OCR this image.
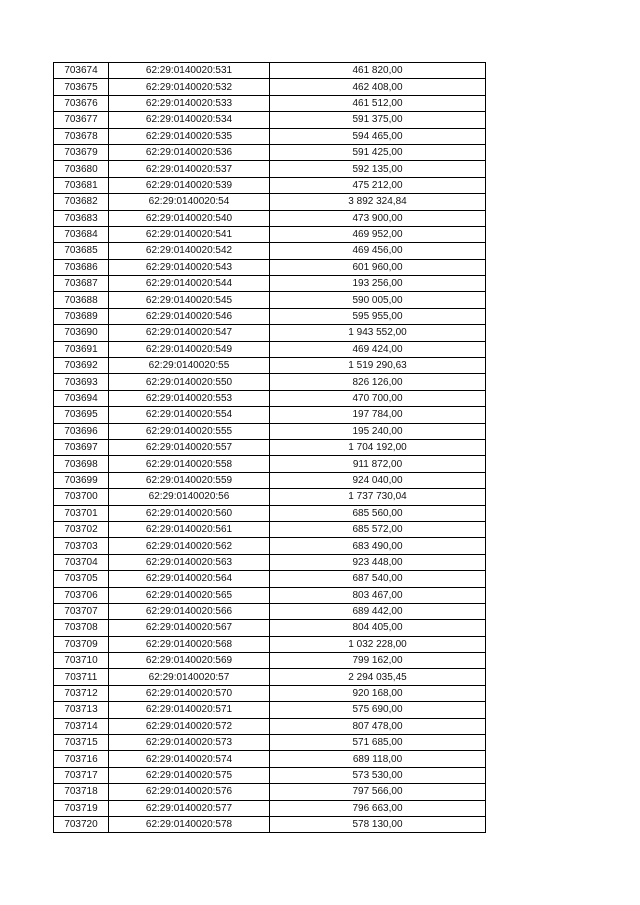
703674	62:29:0140020:531	461 820,00
703675	62:29:0140020:532	462 408,00
703676	62:29:0140020:533	461 512,00
703677	62:29:0140020:534	591 375,00
703678	62:29:0140020:535	594 465,00
703679	62:29:0140020:536	591 425,00
703680	62:29:0140020:537	592 135,00
703681	62:29:0140020:539	475 212,00
703682	62:29:0140020:54	3 892 324,84
703683	62:29:0140020:540	473 900,00
703684	62:29:0140020:541	469 952,00
703685	62:29:0140020:542	469 456,00
703686	62:29:0140020:543	601 960,00
703687	62:29:0140020:544	193 256,00
703688	62:29:0140020:545	590 005,00
703689	62:29:0140020:546	595 955,00
703690	62:29:0140020:547	1 943 552,00
703691	62:29:0140020:549	469 424,00
703692	62:29:0140020:55	1 519 290,63
703693	62:29:0140020:550	826 126,00
703694	62:29:0140020:553	470 700,00
703695	62:29:0140020:554	197 784,00
703696	62:29:0140020:555	195 240,00
703697	62:29:0140020:557	1 704 192,00
703698	62:29:0140020:558	911 872,00
703699	62:29:0140020:559	924 040,00
703700	62:29:0140020:56	1 737 730,04
703701	62:29:0140020:560	685 560,00
703702	62:29:0140020:561	685 572,00
703703	62:29:0140020:562	683 490,00
703704	62:29:0140020:563	923 448,00
703705	62:29:0140020:564	687 540,00
703706	62:29:0140020:565	803 467,00
703707	62:29:0140020:566	689 442,00
703708	62:29:0140020:567	804 405,00
703709	62:29:0140020:568	1 032 228,00
703710	62:29:0140020:569	799 162,00
703711	62:29:0140020:57	2 294 035,45
703712	62:29:0140020:570	920 168,00
703713	62:29:0140020:571	575 690,00
703714	62:29:0140020:572	807 478,00
703715	62:29:0140020:573	571 685,00
703716	62:29:0140020:574	689 118,00
703717	62:29:0140020:575	573 530,00
703718	62:29:0140020:576	797 566,00
703719	62:29:0140020:577	796 663,00
703720	62:29:0140020:578	578 130,00
